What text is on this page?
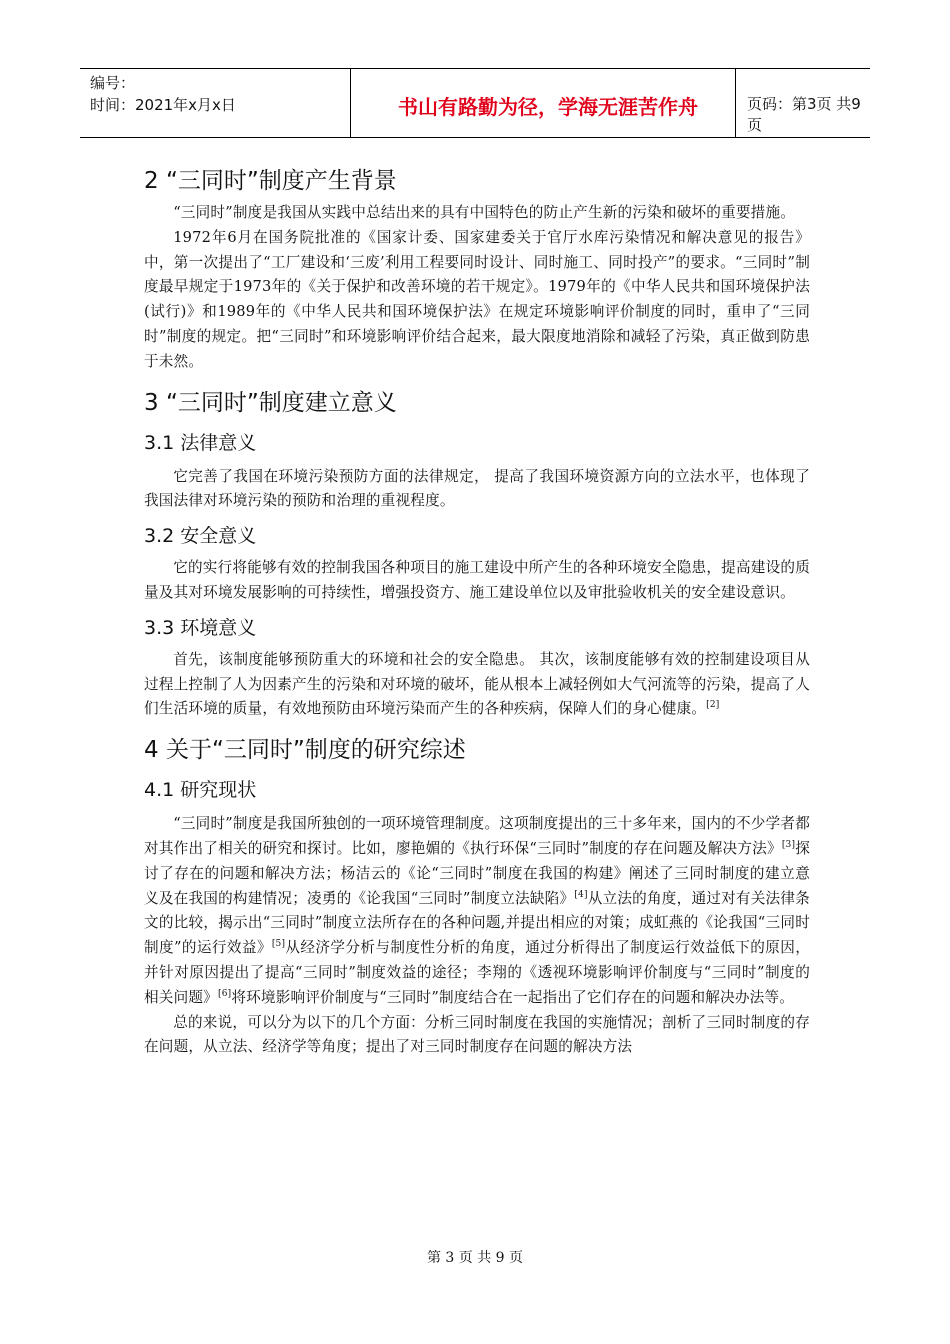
编号：
时间：2021年x月x日	书山有路勤为径，学海无涯苦作舟	页码：第3页 共9页
2 “三同时”制度产生背景

“三同时”制度是我国从实践中总结出来的具有中国特色的防止产生新的污染和破坏的重要措施。

1972年6月在国务院批准的《国家计委、国家建委关于官厅水库污染情况和解决意见的报告》中，第一次提出了“工厂建设和‘三废’利用工程要同时设计、同时施工、同时投产”的要求。“三同时”制度最早规定于1973年的《关于保护和改善环境的若干规定》。1979年的《中华人民共和国环境保护法(试行)》和1989年的《中华人民共和国环境保护法》在规定环境影响评价制度的同时，重申了“三同时”制度的规定。把“三同时”和环境影响评价结合起来，最大限度地消除和减轻了污染，真正做到防患于未然。

3 “三同时”制度建立意义
3.1 法律意义

它完善了我国在环境污染预防方面的法律规定， 提高了我国环境资源方向的立法水平，也体现了我国法律对环境污染的预防和治理的重视程度。

3.2 安全意义

它的实行将能够有效的控制我国各种项目的施工建设中所产生的各种环境安全隐患，提高建设的质量及其对环境发展影响的可持续性，增强投资方、施工建设单位以及审批验收机关的安全建设意识。

3.3 环境意义

首先，该制度能够预防重大的环境和社会的安全隐患。 其次，该制度能够有效的控制建设项目从过程上控制了人为因素产生的污染和对环境的破坏，能从根本上减轻例如大气河流等的污染，提高了人们生活环境的质量，有效地预防由环境污染而产生的各种疾病，保障人们的身心健康。[2]

4 关于“三同时”制度的研究综述
4.1 研究现状

“三同时”制度是我国所独创的一项环境管理制度。这项制度提出的三十多年来，国内的不少学者都对其作出了相关的研究和探讨。比如，廖艳媚的《执行环保“三同时”制度的存在问题及解决方法》[3]探讨了存在的问题和解决方法；杨洁云的《论“三同时”制度在我国的构建》阐述了三同时制度的建立意义及在我国的构建情况；凌勇的《论我国“三同时”制度立法缺陷》[4]从立法的角度，通过对有关法律条文的比较，揭示出“三同时”制度立法所存在的各种问题,并提出相应的对策；成虹燕的《论我国“三同时制度”的运行效益》[5]从经济学分析与制度性分析的角度，通过分析得出了制度运行效益低下的原因，并针对原因提出了提高“三同时”制度效益的途径；李翔的《透视环境影响评价制度与“三同时”制度的相关问题》[6]将环境影响评价制度与“三同时”制度结合在一起指出了它们存在的问题和解决办法等。

总的来说，可以分为以下的几个方面：分析三同时制度在我国的实施情况；剖析了三同时制度的存在问题，从立法、经济学等角度；提出了对三同时制度存在问题的解决方法

第 3 页 共 9 页
